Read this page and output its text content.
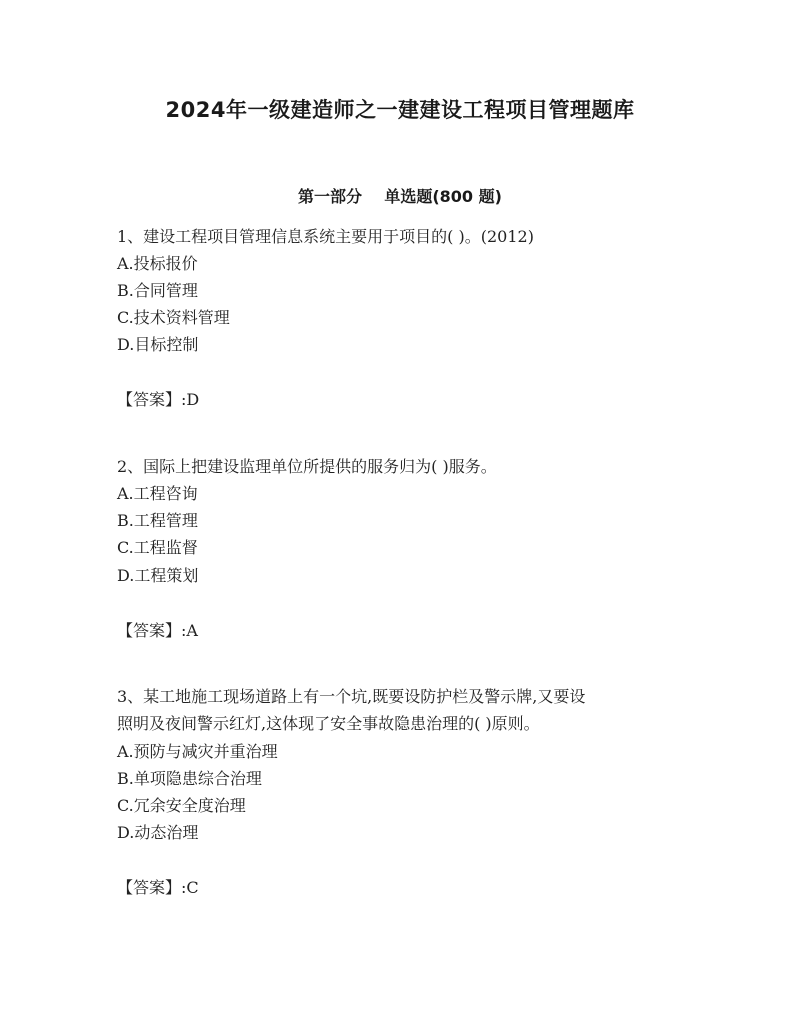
2024年一级建造师之一建建设工程项目管理题库
第一部分    单选题(800 题)
1、建设工程项目管理信息系统主要用于项目的( )。(2012)
A.投标报价
B.合同管理
C.技术资料管理
D.目标控制
【答案】:D
2、国际上把建设监理单位所提供的服务归为( )服务。
A.工程咨询
B.工程管理
C.工程监督
D.工程策划
【答案】:A
3、某工地施工现场道路上有一个坑,既要设防护栏及警示牌,又要设
照明及夜间警示红灯,这体现了安全事故隐患治理的( )原则。
A.预防与减灾并重治理
B.单项隐患综合治理
C.冗余安全度治理
D.动态治理
【答案】:C
